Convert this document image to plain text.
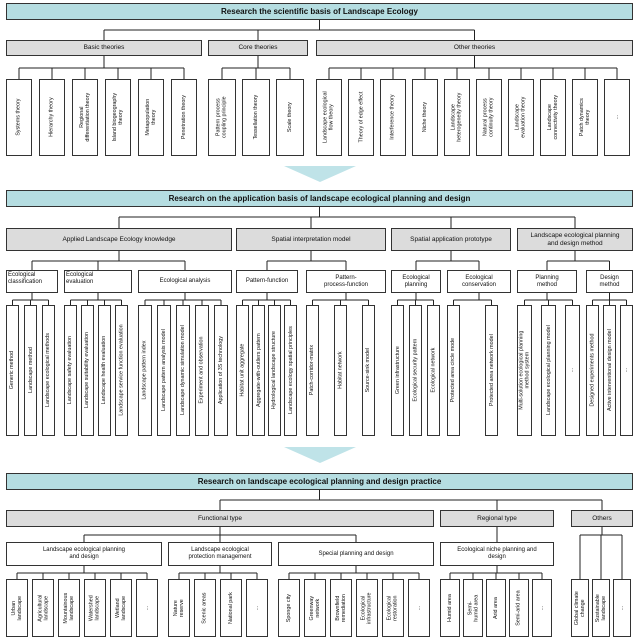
Research the scientific basis of Landscape Ecology
Basic theories	Core theories	Other theories
Systems theory	Hierarchy theory	Regional
differentiation theory
Island biogeography
theory	Metapopulation
theory	Penetration theory	Pattern process
coupling principle	Tessellation theory	Scale theory	Landscape ecological
flow theory	Theory of edge effect	Interference theory	Niche theory	Landscape
heterogeneity theory
Natural process
continuity theory	Landscape
evaluation theory	Landscape
connectivity theory
Patch dynamics
theory	...
Research on the application basis of landscape ecological planning and design
Applied Landscape Ecology knowledge	Spatial interpretation model	Spatial application prototype
Landscape ecological planning
and design method
Ecological
classification
Ecological
evaluation	Ecological analysis	Pattern-function
Pattern-
process-function
Ecological
planning
Ecological
conservation
Planning
method
Design
method
Generic method Landscape method Landscape ecological methods	Landscape safety evaluation Landscape suitability evaluation Landscape health evaluation Landscape service function evaluation	Landscape pattern index Landscape pattern analysis model Landscape dynamic simulation model Experiment and observation Application of 3S technology	Habitat unit aggregate Aggregate-with-outliers pattern Hydrological landscape structure Landscape ecology spatial principles	Patch-corridor-matrix	Habitat network	Source-sink model	Green infrastructure Ecological security pattern Ecological network	Protected area circle mode	Protected area network model	Multi-solution ecological planning
method system	Landscape ecological planning model	...	Designed experiments method Active interventional design model ...
Research on landscape ecological planning and design practice
Functional type	Regional type	Others
Landscape ecological planning
and design
Landscape ecological
protection management
Special planning and design
Ecological niche planning and
design
Urban
landscape	Agricultural
landscape	Mountainous
landscape	Watershed
landscape	Wetland
landscape	...	Nature
reserve	Scenic areas	National park	...	Sponge city	Greenway
network	Brownfield
remediation	Ecological
infrastructure	Ecological
restoration	...	Humid area	Semi-
humid area	Arid area	Semi-arid area	...
Global climate
change Sustainable
landscape ...
